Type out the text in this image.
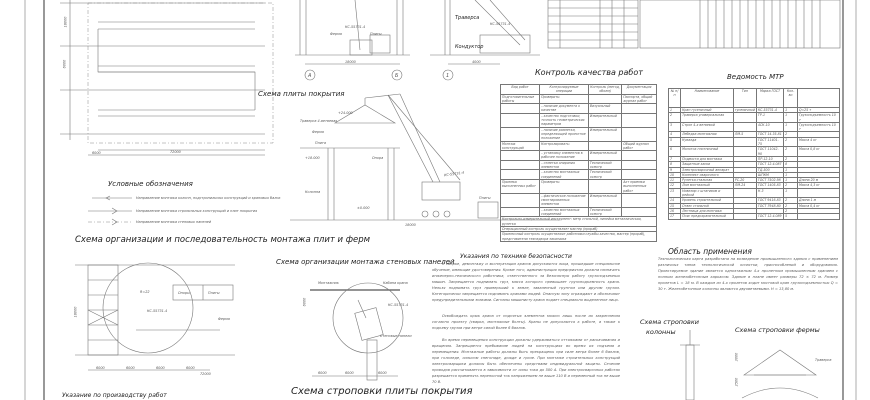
Условные обозначения
Направление монтажа колонн, подстропильных конструкций и крановых балок
Направление монтажа стропильных конструкций и плит покрытия
Направление монтажа стеновых панелей
Схема организации и последовательность монтажа плит и ферм
72000
6000
18000
6000
КС-55731-4
Ферма	Плиты
Траверса
КС-55731-4
Кондуктор
18000	4000
А	Б	1
Схема плиты покрытия
Траверса 4-ветвевая
Ферма
Плита
Опора
Колонна
КС-55731-4
Плиты
+24.000
+18.000
±0.000
18000
Контроль качества работ
Вид работ	Контролируемые операции	Контроль (метод, объем)	Документация
Подготовительные работы	Проверить:		Паспорта, общий журнал работ
	– наличие документа о качестве	Визуальный	
	– качество подготовки, точность геометрических параметров	Измерительный	
	– наличие разметки, определяющей проектное положение	Измерительный	
Монтаж конструкций	Контролировать:		Общий журнал работ
	– установку элементов в рабочее положение	Измерительный	
	– отметки опирания элементов	Технический осмотр	
	– качество монтажных соединений	Технический осмотр	
Приемка выполненных работ	Проверить:		Акт приемки выполненных работ
	– фактическое положение смонтированных элементов	Измерительный	
	– качество монтажных соединений	Технический осмотр	
Контрольно-измерительный инструмент: метр стальной, линейка металлическая, рулетка			
Операционный контроль осуществляет мастер (прораб)			
Приемочный контроль осуществляют работники службы качества, мастер (прораб), представители технадзора заказчика			
Ведомость МТР
№ п/п	Наименование	Тип	Марка ГОСТ	Кол-во	
1	Кран гусеничный	гусеничный	КС-55731-4	1	Q=25 т
2	Траверса универсальная		ТР-1	1	Грузоподъемность 10 т
3	Строп 4-х ветвевой		4СК-10	1	Грузоподъемность 10 т
4	Лебедка монтажная	ЛМ-5	ГОСТ 14.35-81	2	
5	Кувалда		ГОСТ 11401-75	2	Масса 4 кг
6	Молоток плотничный		ГОСТ 11042-90	2	Масса 0,8 кг
7	Подмости для монтажа		ПР-12-10	2	
8	Защитные каски		ГОСТ 12.4.087	8	
9	Электросварочный аппарат		ТД-500	1	
10	Комплект сварочного		ШПКМ	1	
11	Рулетка стальная	РС-20	ГОСТ 7502-98	1	Длина 20 м
12	Лом монтажный	ЛМ-24	ГОСТ 1405-83	2	Масса 4,3 кг
13	Нивелир с штативом и рейкой		Н-3	1	
14	Уровень строительный		ГОСТ 9416-83	2	Длина 1 м
15	Отвес стальной		ГОСТ 7948-80	2	Масса 0,4 кг
16	Лестница для монтажа			2	
17	Пояс предохранительный		ГОСТ 12.4.089	5	
Область применения
Технологическая карта разработана на возведение промышленного здания с применением различных типов технологической оснастки, приспособлений и оборудования. Проектируемое здание является одноэтажным 4-х пролетным промышленным зданием с полным железобетонным каркасом. Здание в плане имеет размеры 72 × 72 м. Размер пролетов L = 18 м. В каждом из 4-х пролетов ходит мостовой кран грузоподъемностью Q = 30 т. Железобетонные колонны являются двухветвевыми. Н = 13,80 м.
Схема строповки
колонны	Схема строповки фермы
Траверса
3000
2500
Указания по технике безопасности
К сборке, демонтажу и эксплуатации кранов допускаются лица, прошедшие специальное обучение, имеющие удостоверения. Кроме того, администрация предприятия должна назначить инженерно-технического работника, ответственного за безопасную работу грузоподъемных машин. Запрещается поднимать груз, масса которого превышает грузоподъемность крана. Нельзя поднимать груз примерзший к земле, заваленный грунтом или другим грузом. Категорически запрещается поднимать кранами людей. Опасную зону ограждают и обозначают предупредительными знаками. Сигналы машинисту крана подает специально выделенное лицо.
Освобождать крюк крана от поднятых элементов можно лишь после их закрепления согласно проекту (сварка, монтажные болты). Краны не допускаются к работе, а также к подъему грузов при ветре силой более 6 баллов.
Во время перемещения конструкции должны удерживаться оттяжками от раскачивания и вращения. Запрещается пребывание людей на конструкциях во время их подъема и перемещения. Монтажные работы должны быть прекращены при силе ветра более 6 баллов, при гололеде, сильном снегопаде, дожде и грозе. При монтаже строительных конструкций электросварщики должны быть обеспечены средствами индивидуальной защиты. Сечение проводов рассчитывается в зависимости от силы тока до 500 А. При электросварочных работах разрешается применять переносной ток напряжением не выше 110 В и переменный ток не выше 70 В.
Схема организации монтажа стеновых панелей
Монтажник	Кабина крана
КС-55731-4
Стеновые панели
6000	6000	6000
6000
Схема строповки плиты покрытия
Опоры	Плиты
Ферма
КС-55731-4
R=22
6000	6000	6000	6000
18000
72000
Указание по производству работ
